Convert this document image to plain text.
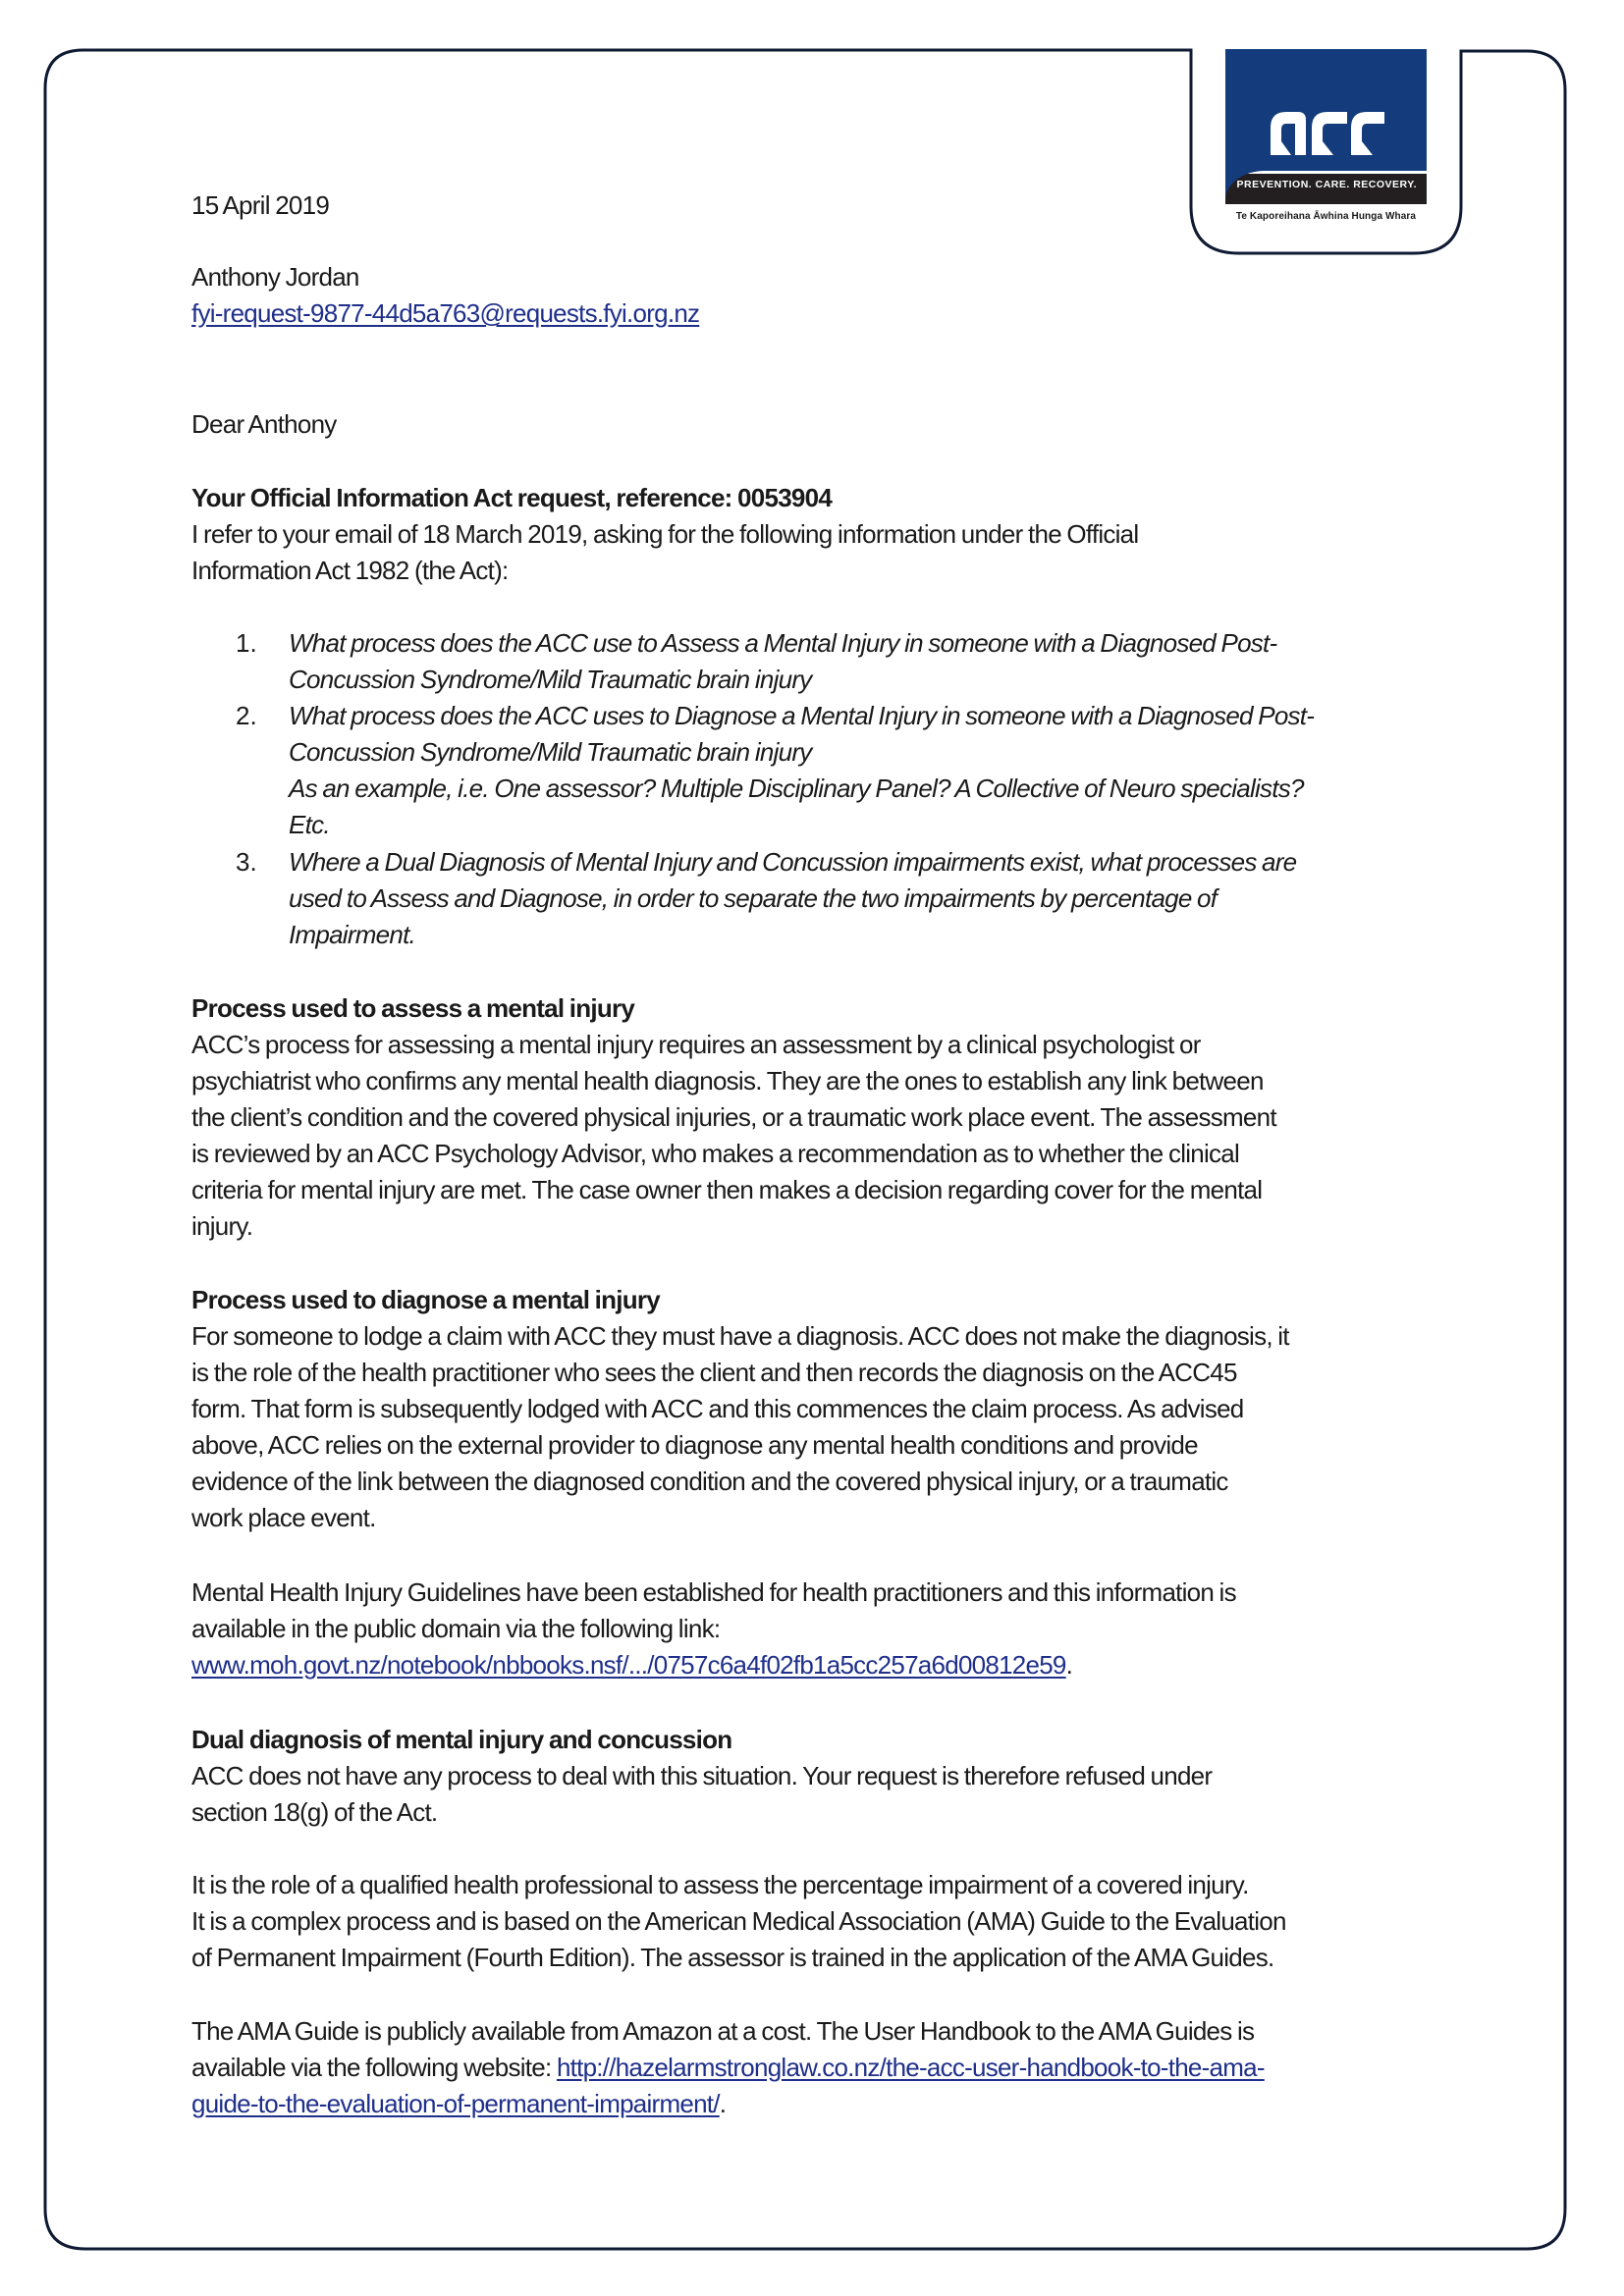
PREVENTION. CARE. RECOVERY.
Te Kaporeihana Āwhina Hunga Whara
15 April 2019
Anthony Jordan
fyi-request-9877-44d5a763@requests.fyi.org.nz
Dear Anthony
Your Official Information Act request, reference: 0053904
I refer to your email of 18 March 2019, asking for the following information under the Official
Information Act 1982 (the Act):
1. What process does the ACC use to Assess a Mental Injury in someone with a Diagnosed Post-
Concussion Syndrome/Mild Traumatic brain injury
2. What process does the ACC uses to Diagnose a Mental Injury in someone with a Diagnosed Post-
Concussion Syndrome/Mild Traumatic brain injury
As an example, i.e. One assessor? Multiple Disciplinary Panel? A Collective of Neuro specialists?
Etc.
3. Where a Dual Diagnosis of Mental Injury and Concussion impairments exist, what processes are
used to Assess and Diagnose, in order to separate the two impairments by percentage of
Impairment.
Process used to assess a mental injury
ACC’s process for assessing a mental injury requires an assessment by a clinical psychologist or
psychiatrist who confirms any mental health diagnosis. They are the ones to establish any link between
the client’s condition and the covered physical injuries, or a traumatic work place event. The assessment
is reviewed by an ACC Psychology Advisor, who makes a recommendation as to whether the clinical
criteria for mental injury are met. The case owner then makes a decision regarding cover for the mental
injury.
Process used to diagnose a mental injury
For someone to lodge a claim with ACC they must have a diagnosis. ACC does not make the diagnosis, it
is the role of the health practitioner who sees the client and then records the diagnosis on the ACC45
form. That form is subsequently lodged with ACC and this commences the claim process. As advised
above, ACC relies on the external provider to diagnose any mental health conditions and provide
evidence of the link between the diagnosed condition and the covered physical injury, or a traumatic
work place event.
Mental Health Injury Guidelines have been established for health practitioners and this information is
available in the public domain via the following link:
www.moh.govt.nz/notebook/nbbooks.nsf/.../0757c6a4f02fb1a5cc257a6d00812e59.
Dual diagnosis of mental injury and concussion
ACC does not have any process to deal with this situation. Your request is therefore refused under
section 18(g) of the Act.
It is the role of a qualified health professional to assess the percentage impairment of a covered injury.
It is a complex process and is based on the American Medical Association (AMA) Guide to the Evaluation
of Permanent Impairment (Fourth Edition). The assessor is trained in the application of the AMA Guides.
The AMA Guide is publicly available from Amazon at a cost. The User Handbook to the AMA Guides is
available via the following website: http://hazelarmstronglaw.co.nz/the-acc-user-handbook-to-the-ama-
guide-to-the-evaluation-of-permanent-impairment/.
